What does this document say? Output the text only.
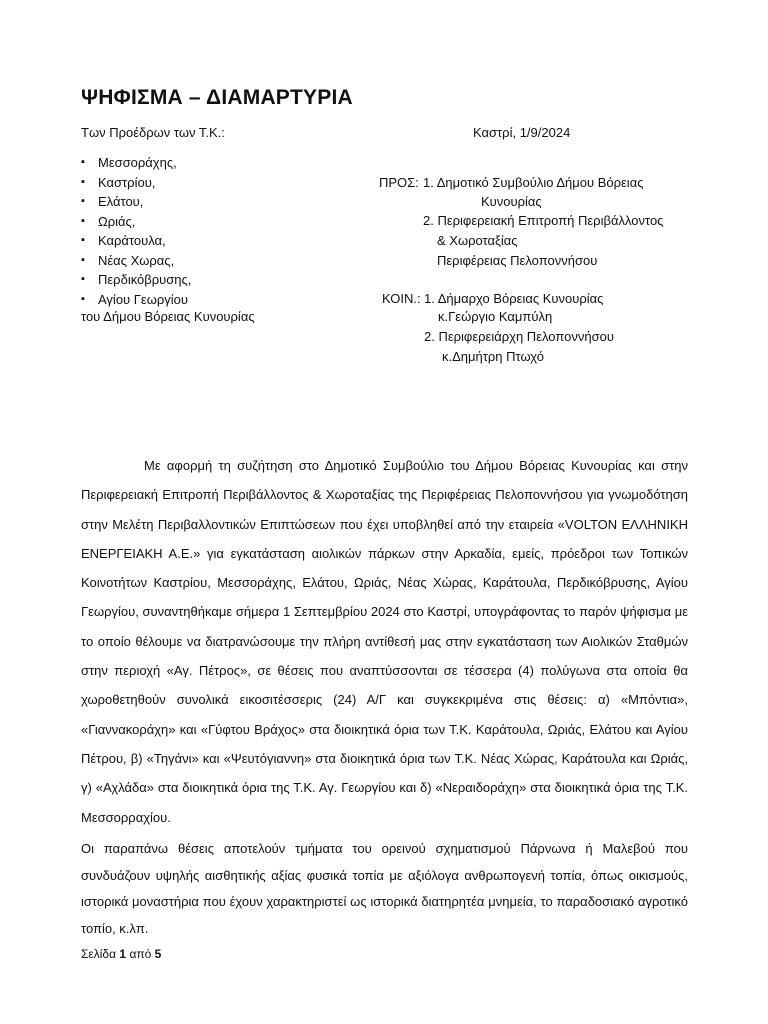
ΨΗΦΙΣΜΑ – ΔΙΑΜΑΡΤΥΡΙΑ
Των Προέδρων των Τ.Κ.:	Καστρί, 1/9/2024
▪ Μεσσοράχης,
▪ Καστρίου,
▪ Ελάτου,
▪ Ωριάς,
▪ Καράτουλα,
▪ Νέας Χωρας,
▪ Περδικόβρυσης,
▪ Αγίου Γεωργίου
του Δήμου Βόρειας Κυνουρίας
ΠΡΟΣ: 1. Δημοτικό Συμβούλιο Δήμου Βόρειας
Κυνουρίας
2. Περιφερειακή Επιτροπή Περιβάλλοντος
& Χωροταξίας
Περιφέρειας Πελοποννήσου
ΚΟΙΝ.: 1. Δήμαρχο Βόρειας Κυνουρίας
κ.Γεώργιο Καμπύλη
2. Περιφερειάρχη Πελοποννήσου
κ.Δημήτρη Πτωχό

Με αφορμή τη συζήτηση στο Δημοτικό Συμβούλιο του Δήμου Βόρειας Κυνουρίας και στην Περιφερειακή Επιτροπή Περιβάλλοντος & Χωροταξίας της Περιφέρειας Πελοποννήσου για γνωμοδότηση στην Μελέτη Περιβαλλοντικών Επιπτώσεων που έχει υποβληθεί από την εταιρεία «VOLTON ΕΛΛΗΝΙΚΗ ΕΝΕΡΓΕΙΑΚΗ Α.Ε.» για εγκατάσταση αιολικών πάρκων στην Αρκαδία, εμείς, πρόεδροι των Τοπικών Κοινοτήτων Καστρίου, Μεσσοράχης, Ελάτου, Ωριάς, Νέας Χώρας, Καράτουλα, Περδικόβρυσης, Αγίου Γεωργίου, συναντηθήκαμε σήμερα 1 Σεπτεμβρίου 2024 στο Καστρί, υπογράφοντας το παρόν ψήφισμα με το οποίο θέλουμε να διατρανώσουμε την πλήρη αντίθεσή μας στην εγκατάσταση των Αιολικών Σταθμών στην περιοχή «Αγ. Πέτρος», σε θέσεις που αναπτύσσονται σε τέσσερα (4) πολύγωνα στα οποία θα χωροθετηθούν συνολικά εικοσιτέσσερις (24) Α/Γ και συγκεκριμένα στις θέσεις: α) «Μπόντια», «Γιαννακοράχη» και «Γύφτου Βράχος» στα διοικητικά όρια των Τ.Κ. Καράτουλα, Ωριάς, Ελάτου και Αγίου Πέτρου, β) «Τηγάνι» και «Ψευτόγιαννη» στα διοικητικά όρια των Τ.Κ. Νέας Χώρας, Καράτουλα και Ωριάς, γ) «Αχλάδα» στα διοικητικά όρια της Τ.Κ. Αγ. Γεωργίου και δ) «Νεραιδοράχη» στα διοικητικά όρια της Τ.Κ. Μεσσορραχίου.

Οι παραπάνω θέσεις αποτελούν τμήματα του ορεινού σχηματισμού Πάρνωνα ή Μαλεβού που συνδυάζουν υψηλής αισθητικής αξίας φυσικά τοπία με αξιόλογα ανθρωπογενή τοπία, όπως οικισμούς, ιστορικά μοναστήρια που έχουν χαρακτηριστεί ως ιστορικά διατηρητέα μνημεία, το παραδοσιακό αγροτικό τοπίο, κ.λπ.

Σελίδα 1 από 5
